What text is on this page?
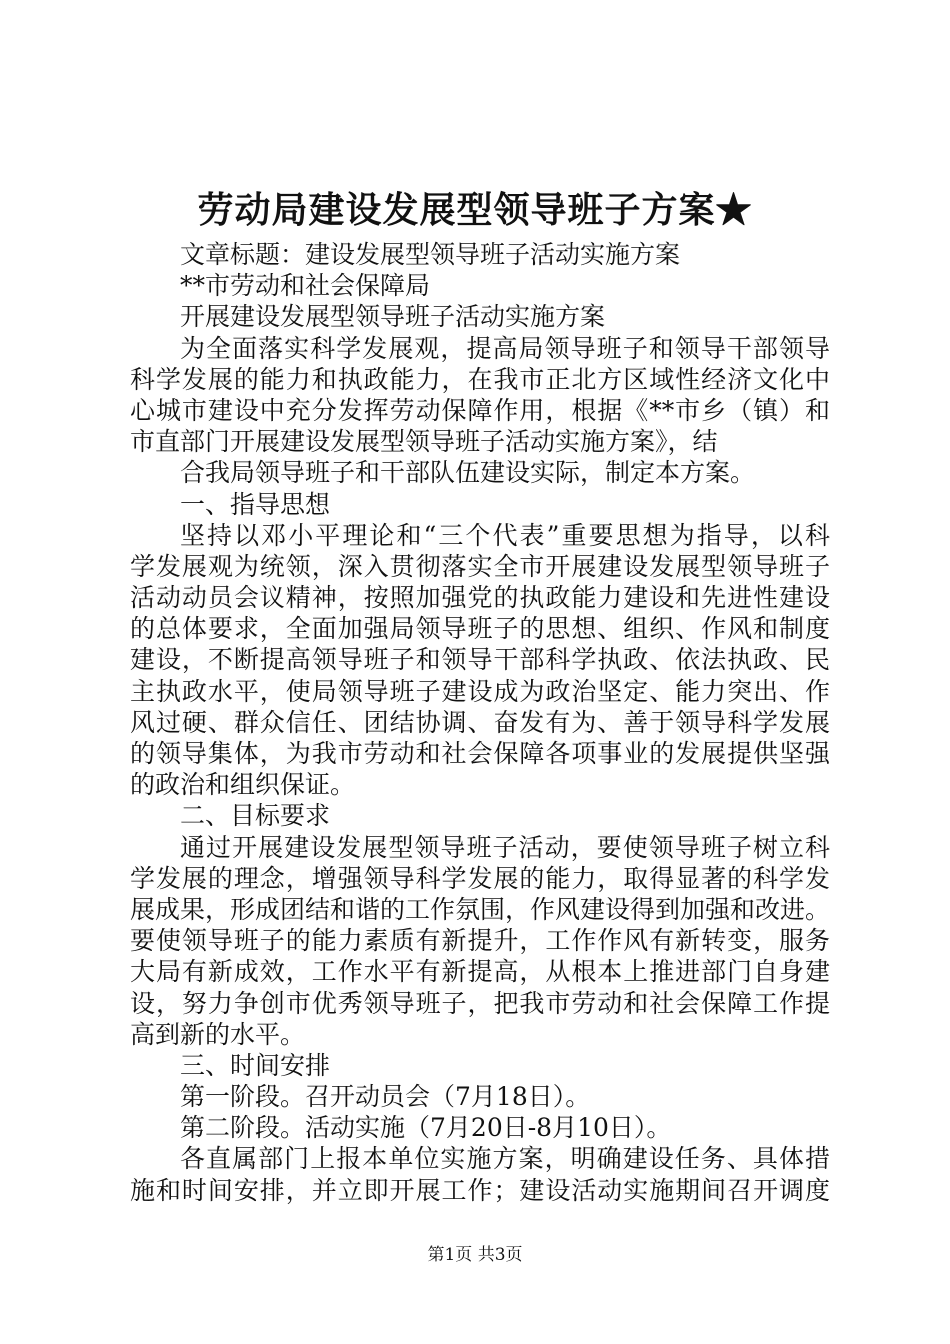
劳动局建设发展型领导班子方案★
文章标题：建设发展型领导班子活动实施方案
**市劳动和社会保障局
开展建设发展型领导班子活动实施方案
为全面落实科学发展观，提高局领导班子和领导干部领导
科学发展的能力和执政能力，在我市正北方区域性经济文化中
心城市建设中充分发挥劳动保障作用，根据《**市乡（镇）和
市直部门开展建设发展型领导班子活动实施方案》，结
合我局领导班子和干部队伍建设实际，制定本方案。
一、指导思想
坚持以邓小平理论和“三个代表”重要思想为指导，以科
学发展观为统领，深入贯彻落实全市开展建设发展型领导班子
活动动员会议精神，按照加强党的执政能力建设和先进性建设
的总体要求，全面加强局领导班子的思想、组织、作风和制度
建设，不断提高领导班子和领导干部科学执政、依法执政、民
主执政水平，使局领导班子建设成为政治坚定、能力突出、作
风过硬、群众信任、团结协调、奋发有为、善于领导科学发展
的领导集体，为我市劳动和社会保障各项事业的发展提供坚强
的政治和组织保证。
二、目标要求
通过开展建设发展型领导班子活动，要使领导班子树立科
学发展的理念，增强领导科学发展的能力，取得显著的科学发
展成果，形成团结和谐的工作氛围，作风建设得到加强和改进。
要使领导班子的能力素质有新提升，工作作风有新转变，服务
大局有新成效，工作水平有新提高，从根本上推进部门自身建
设，努力争创市优秀领导班子，把我市劳动和社会保障工作提
高到新的水平。
三、时间安排
第一阶段。召开动员会（7月18日）。
第二阶段。活动实施（7月20日-8月10日）。
各直属部门上报本单位实施方案，明确建设任务、具体措
施和时间安排，并立即开展工作；建设活动实施期间召开调度
第1页 共3页
